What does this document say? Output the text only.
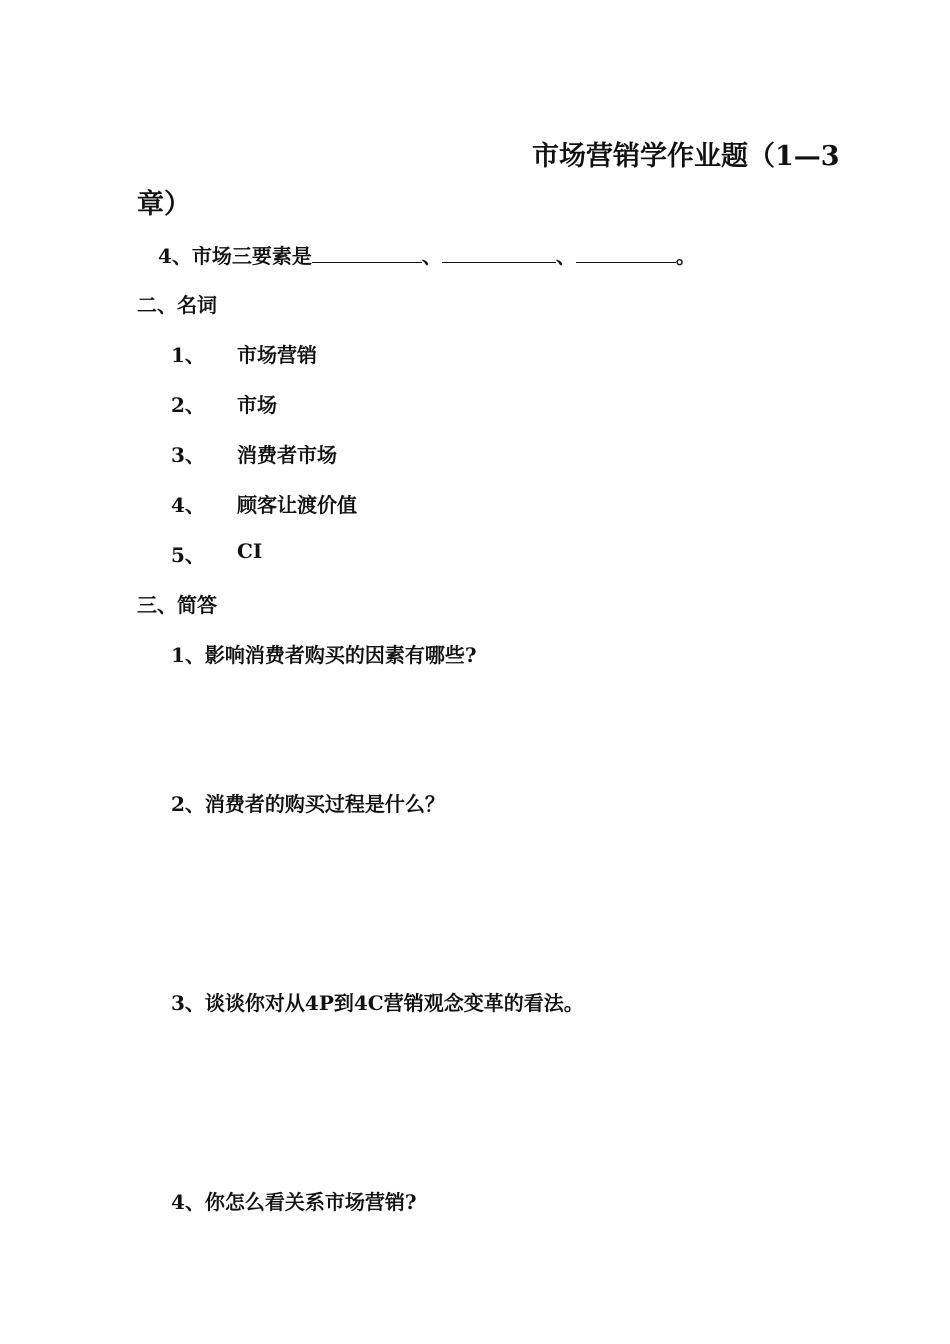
市场营销学作业题（1—3
章）
4、市场三要素是	、	、	。
二、名词
1、 市场营销
2、 市场
3、 消费者市场
4、 顾客让渡价值
5、 CI
三、简答
1、影响消费者购买的因素有哪些?
2、消费者的购买过程是什么？
3、谈谈你对从4P到4C营销观念变革的看法。
4、你怎么看关系市场营销?
